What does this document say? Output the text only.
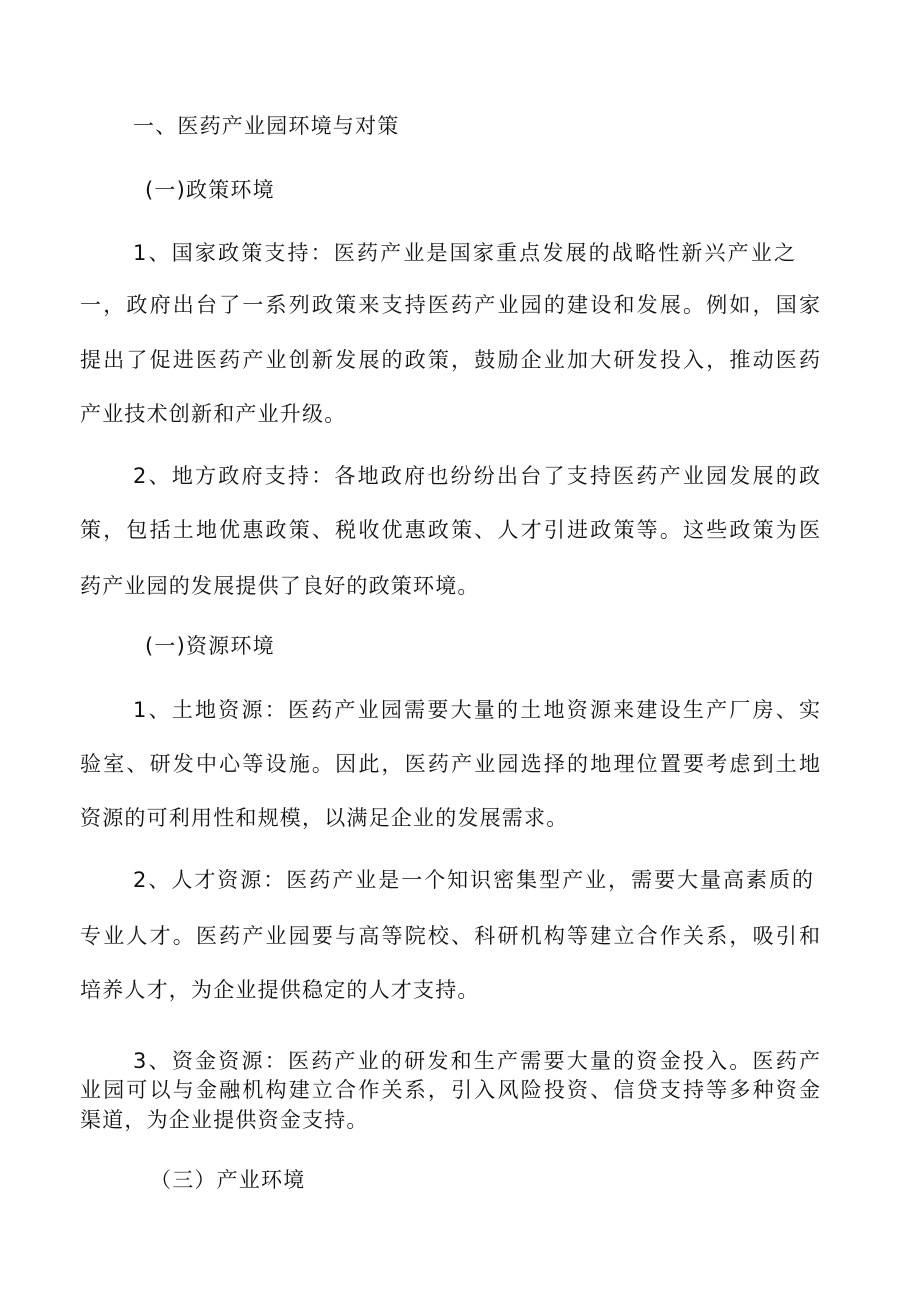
一、医药产业园环境与对策
(一)政策环境
1、国家政策支持：医药产业是国家重点发展的战略性新兴产业之
一，政府出台了一系列政策来支持医药产业园的建设和发展。例如，国家
提出了促进医药产业创新发展的政策，鼓励企业加大研发投入，推动医药
产业技术创新和产业升级。
2、地方政府支持：各地政府也纷纷出台了支持医药产业园发展的政
策，包括土地优惠政策、税收优惠政策、人才引进政策等。这些政策为医
药产业园的发展提供了良好的政策环境。
(一)资源环境
1、土地资源：医药产业园需要大量的土地资源来建设生产厂房、实
验室、研发中心等设施。因此，医药产业园选择的地理位置要考虑到土地
资源的可利用性和规模，以满足企业的发展需求。
2、人才资源：医药产业是一个知识密集型产业，需要大量高素质的
专业人才。医药产业园要与高等院校、科研机构等建立合作关系，吸引和
培养人才，为企业提供稳定的人才支持。
3、资金资源：医药产业的研发和生产需要大量的资金投入。医药产
业园可以与金融机构建立合作关系，引入风险投资、信贷支持等多种资金
渠道，为企业提供资金支持。
（三）产业环境
